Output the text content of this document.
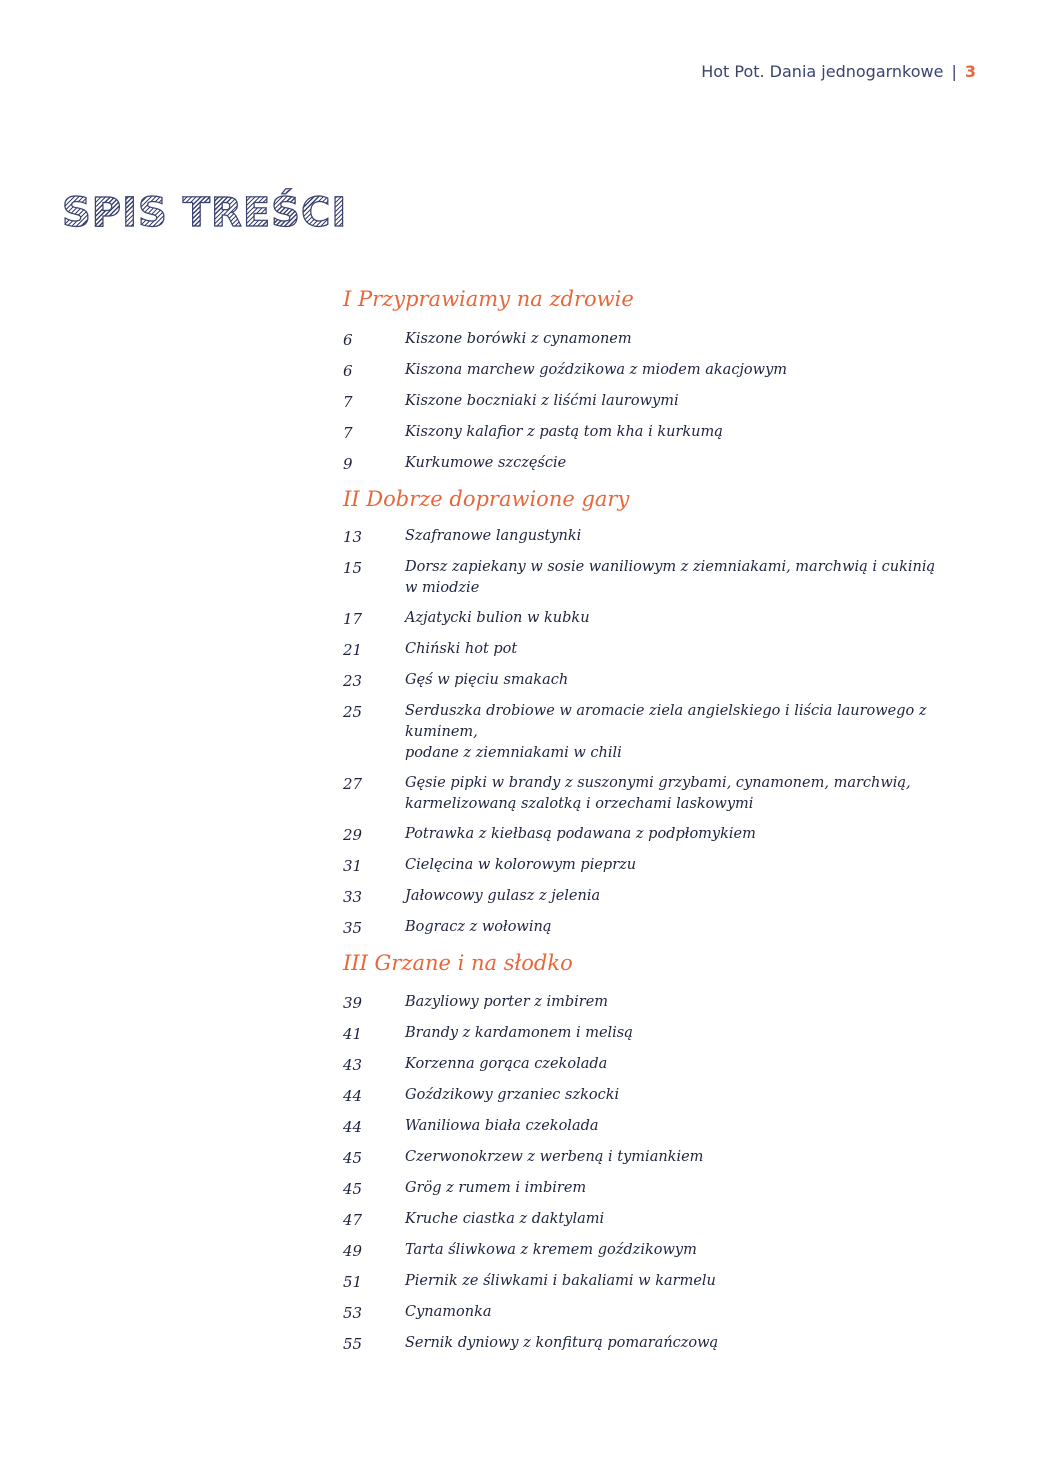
Hot Pot. Dania jednogarnkowe | 3
SPIS TREŚCI
I Przyprawiamy na zdrowie
6	Kiszone borówki z cynamonem
6	Kiszona marchew goździkowa z miodem akacjowym
7	Kiszone boczniaki z liśćmi laurowymi
7	Kiszony kalafior z pastą tom kha i kurkumą
9	Kurkumowe szczęście
II Dobrze doprawione gary
13	Szafranowe langustynki
15	Dorsz zapiekany w sosie waniliowym z ziemniakami, marchwią i cukinią
w miodzie
17	Azjatycki bulion w kubku
21	Chiński hot pot
23	Gęś w pięciu smakach
25	Serduszka drobiowe w aromacie ziela angielskiego i liścia laurowego z kuminem,
podane z ziemniakami w chili
27	Gęsie pipki w brandy z suszonymi grzybami, cynamonem, marchwią,
karmelizowaną szalotką i orzechami laskowymi
29	Potrawka z kiełbasą podawana z podpłomykiem
31	Cielęcina w kolorowym pieprzu
33	Jałowcowy gulasz z jelenia
35	Bogracz z wołowiną
III Grzane i na słodko
39	Bazyliowy porter z imbirem
41	Brandy z kardamonem i melisą
43	Korzenna gorąca czekolada
44	Goździkowy grzaniec szkocki
44	Waniliowa biała czekolada
45	Czerwonokrzew z werbeną i tymiankiem
45	Grög z rumem i imbirem
47	Kruche ciastka z daktylami
49	Tarta śliwkowa z kremem goździkowym
51	Piernik ze śliwkami i bakaliami w karmelu
53	Cynamonka
55	Sernik dyniowy z konfiturą pomarańczową
